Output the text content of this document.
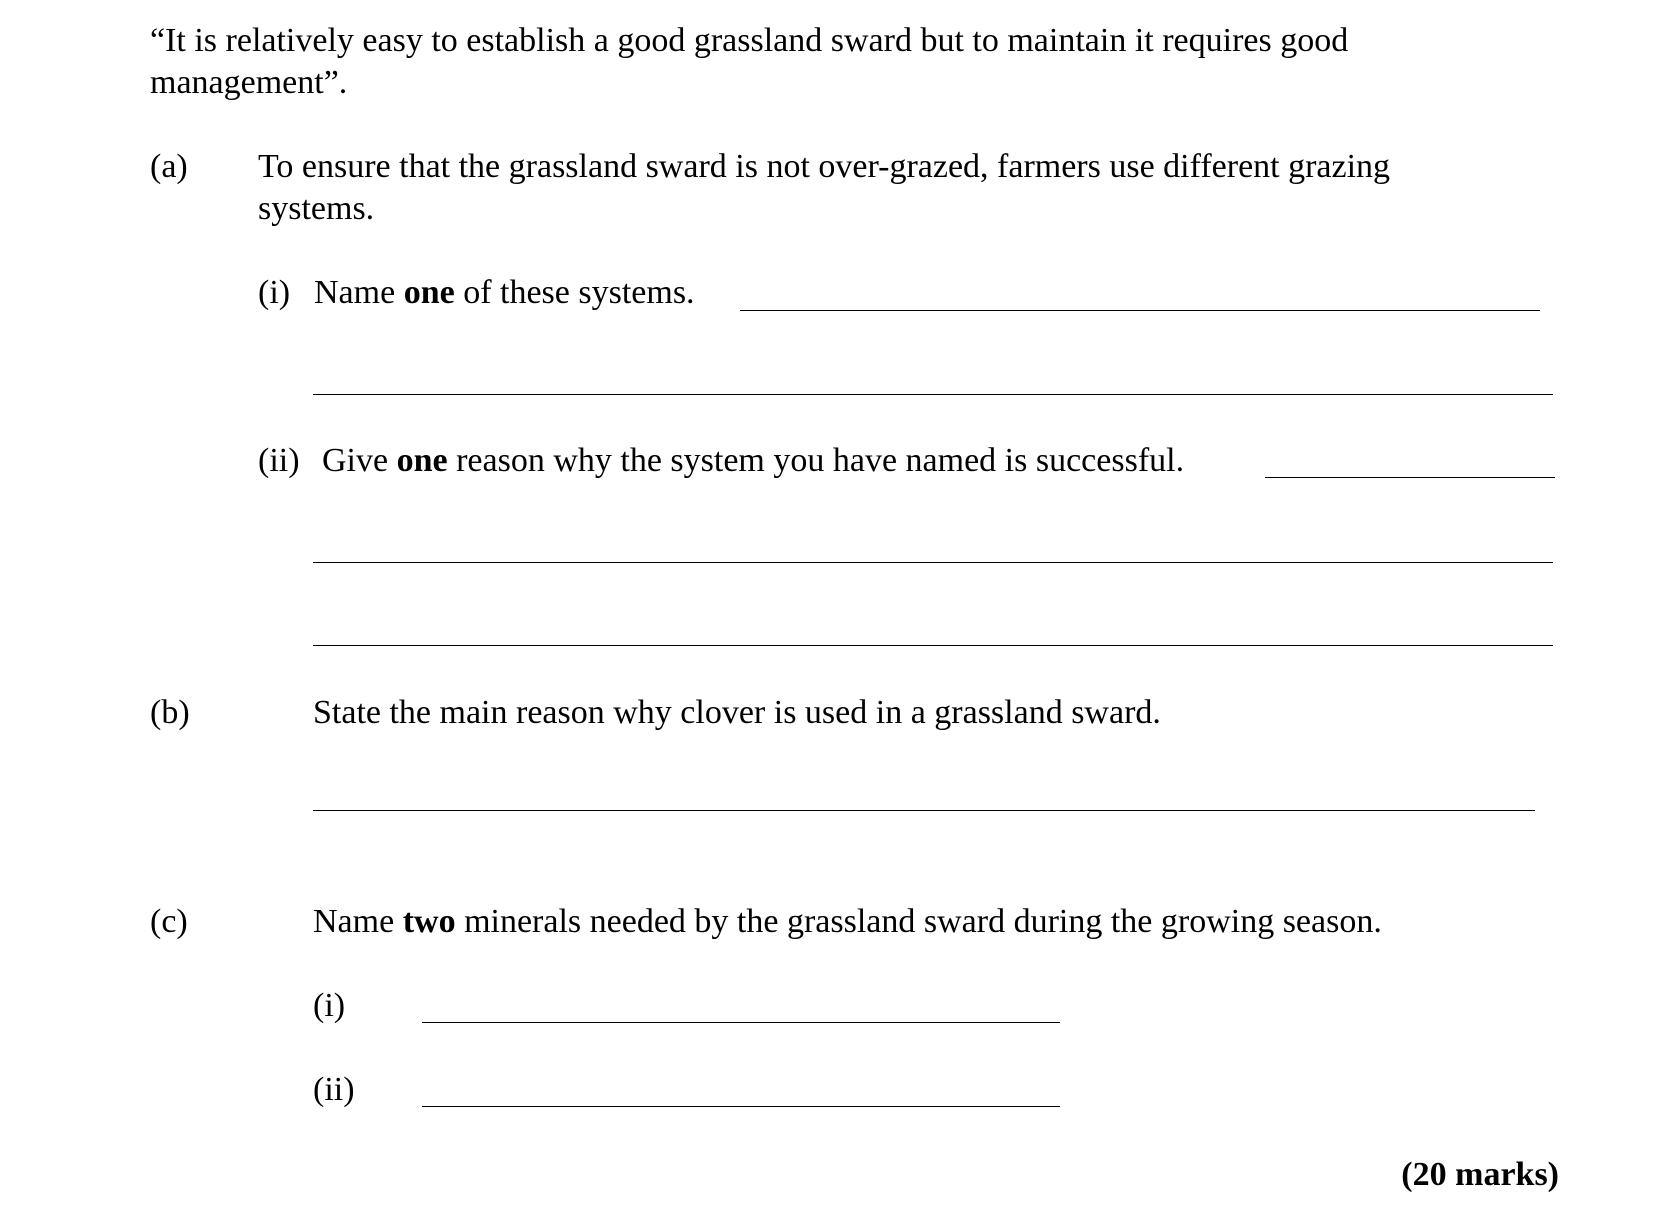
“It is relatively easy to establish a good grassland sward but to maintain it requires good
management”.
(a) To ensure that the grassland sward is not over-grazed, farmers use different grazing
systems.
(i) Name one of these systems.
(ii) Give one reason why the system you have named is successful.
(b)	State the main reason why clover is used in a grassland sward.
(c)	Name two minerals needed by the grassland sward during the growing season.
(i)
(ii)
(20 marks)
